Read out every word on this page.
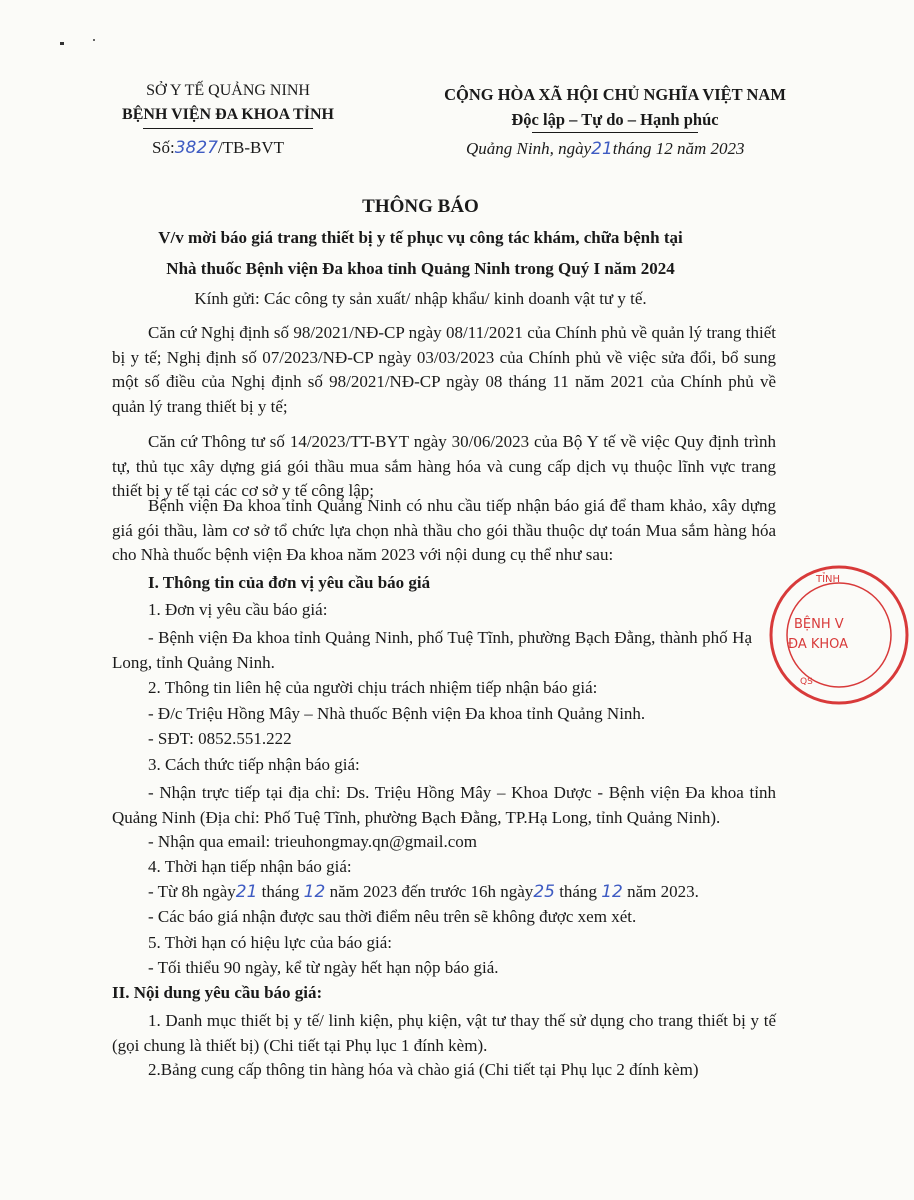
SỞ Y TẾ QUẢNG NINH
BỆNH VIỆN ĐA KHOA TỈNH
Số:3827/TB-BVT
CỘNG HÒA XÃ HỘI CHỦ NGHĨA VIỆT NAM
Độc lập – Tự do – Hạnh phúc
Quảng Ninh, ngày21tháng 12 năm 2023
THÔNG BÁO
V/v mời báo giá trang thiết bị y tế phục vụ công tác khám, chữa bệnh tại
Nhà thuốc Bệnh viện Đa khoa tỉnh Quảng Ninh trong Quý I năm 2024
Kính gửi: Các công ty sản xuất/ nhập khẩu/ kinh doanh vật tư y tế.
Căn cứ Nghị định số 98/2021/NĐ-CP ngày 08/11/2021 của Chính phủ về quản lý trang thiết bị y tế; Nghị định số 07/2023/NĐ-CP ngày 03/03/2023 của Chính phủ về việc sửa đổi, bổ sung một số điều của Nghị định số 98/2021/NĐ-CP ngày 08 tháng 11 năm 2021 của Chính phủ về quản lý trang thiết bị y tế;
Căn cứ Thông tư số 14/2023/TT-BYT ngày 30/06/2023 của Bộ Y tế về việc Quy định trình tự, thủ tục xây dựng giá gói thầu mua sắm hàng hóa và cung cấp dịch vụ thuộc lĩnh vực trang thiết bị y tế tại các cơ sở y tế công lập;
Bệnh viện Đa khoa tỉnh Quảng Ninh có nhu cầu tiếp nhận báo giá để tham khảo, xây dựng giá gói thầu, làm cơ sở tổ chức lựa chọn nhà thầu cho gói thầu thuộc dự toán Mua sắm hàng hóa cho Nhà thuốc bệnh viện Đa khoa năm 2023 với nội dung cụ thể như sau:
I. Thông tin của đơn vị yêu cầu báo giá
1. Đơn vị yêu cầu báo giá:
- Bệnh viện Đa khoa tỉnh Quảng Ninh, phố Tuệ Tĩnh, phường Bạch Đằng, thành phố Hạ Long, tỉnh Quảng Ninh.
2. Thông tin liên hệ của người chịu trách nhiệm tiếp nhận báo giá:
- Đ/c Triệu Hồng Mây – Nhà thuốc Bệnh viện Đa khoa tỉnh Quảng Ninh.
- SĐT: 0852.551.222
3. Cách thức tiếp nhận báo giá:
- Nhận trực tiếp tại địa chỉ: Ds. Triệu Hồng Mây – Khoa Dược - Bệnh viện Đa khoa tỉnh Quảng Ninh (Địa chỉ: Phố Tuệ Tĩnh, phường Bạch Đằng, TP.Hạ Long, tỉnh Quảng Ninh).
- Nhận qua email: trieuhongmay.qn@gmail.com
4. Thời hạn tiếp nhận báo giá:
- Từ 8h ngày21 tháng 12 năm 2023 đến trước 16h ngày25 tháng 12 năm 2023.
- Các báo giá nhận được sau thời điểm nêu trên sẽ không được xem xét.
5. Thời hạn có hiệu lực của báo giá:
- Tối thiểu 90 ngày, kể từ ngày hết hạn nộp báo giá.
II. Nội dung yêu cầu báo giá:
1. Danh mục thiết bị y tế/ linh kiện, phụ kiện, vật tư thay thế sử dụng cho trang thiết bị y tế (gọi chung là thiết bị) (Chi tiết tại Phụ lục 1 đính kèm).
2.Bảng cung cấp thông tin hàng hóa và chào giá (Chi tiết tại Phụ lục 2 đính kèm)
TỈNH
BỆNH V
ĐA KHOA
QS
